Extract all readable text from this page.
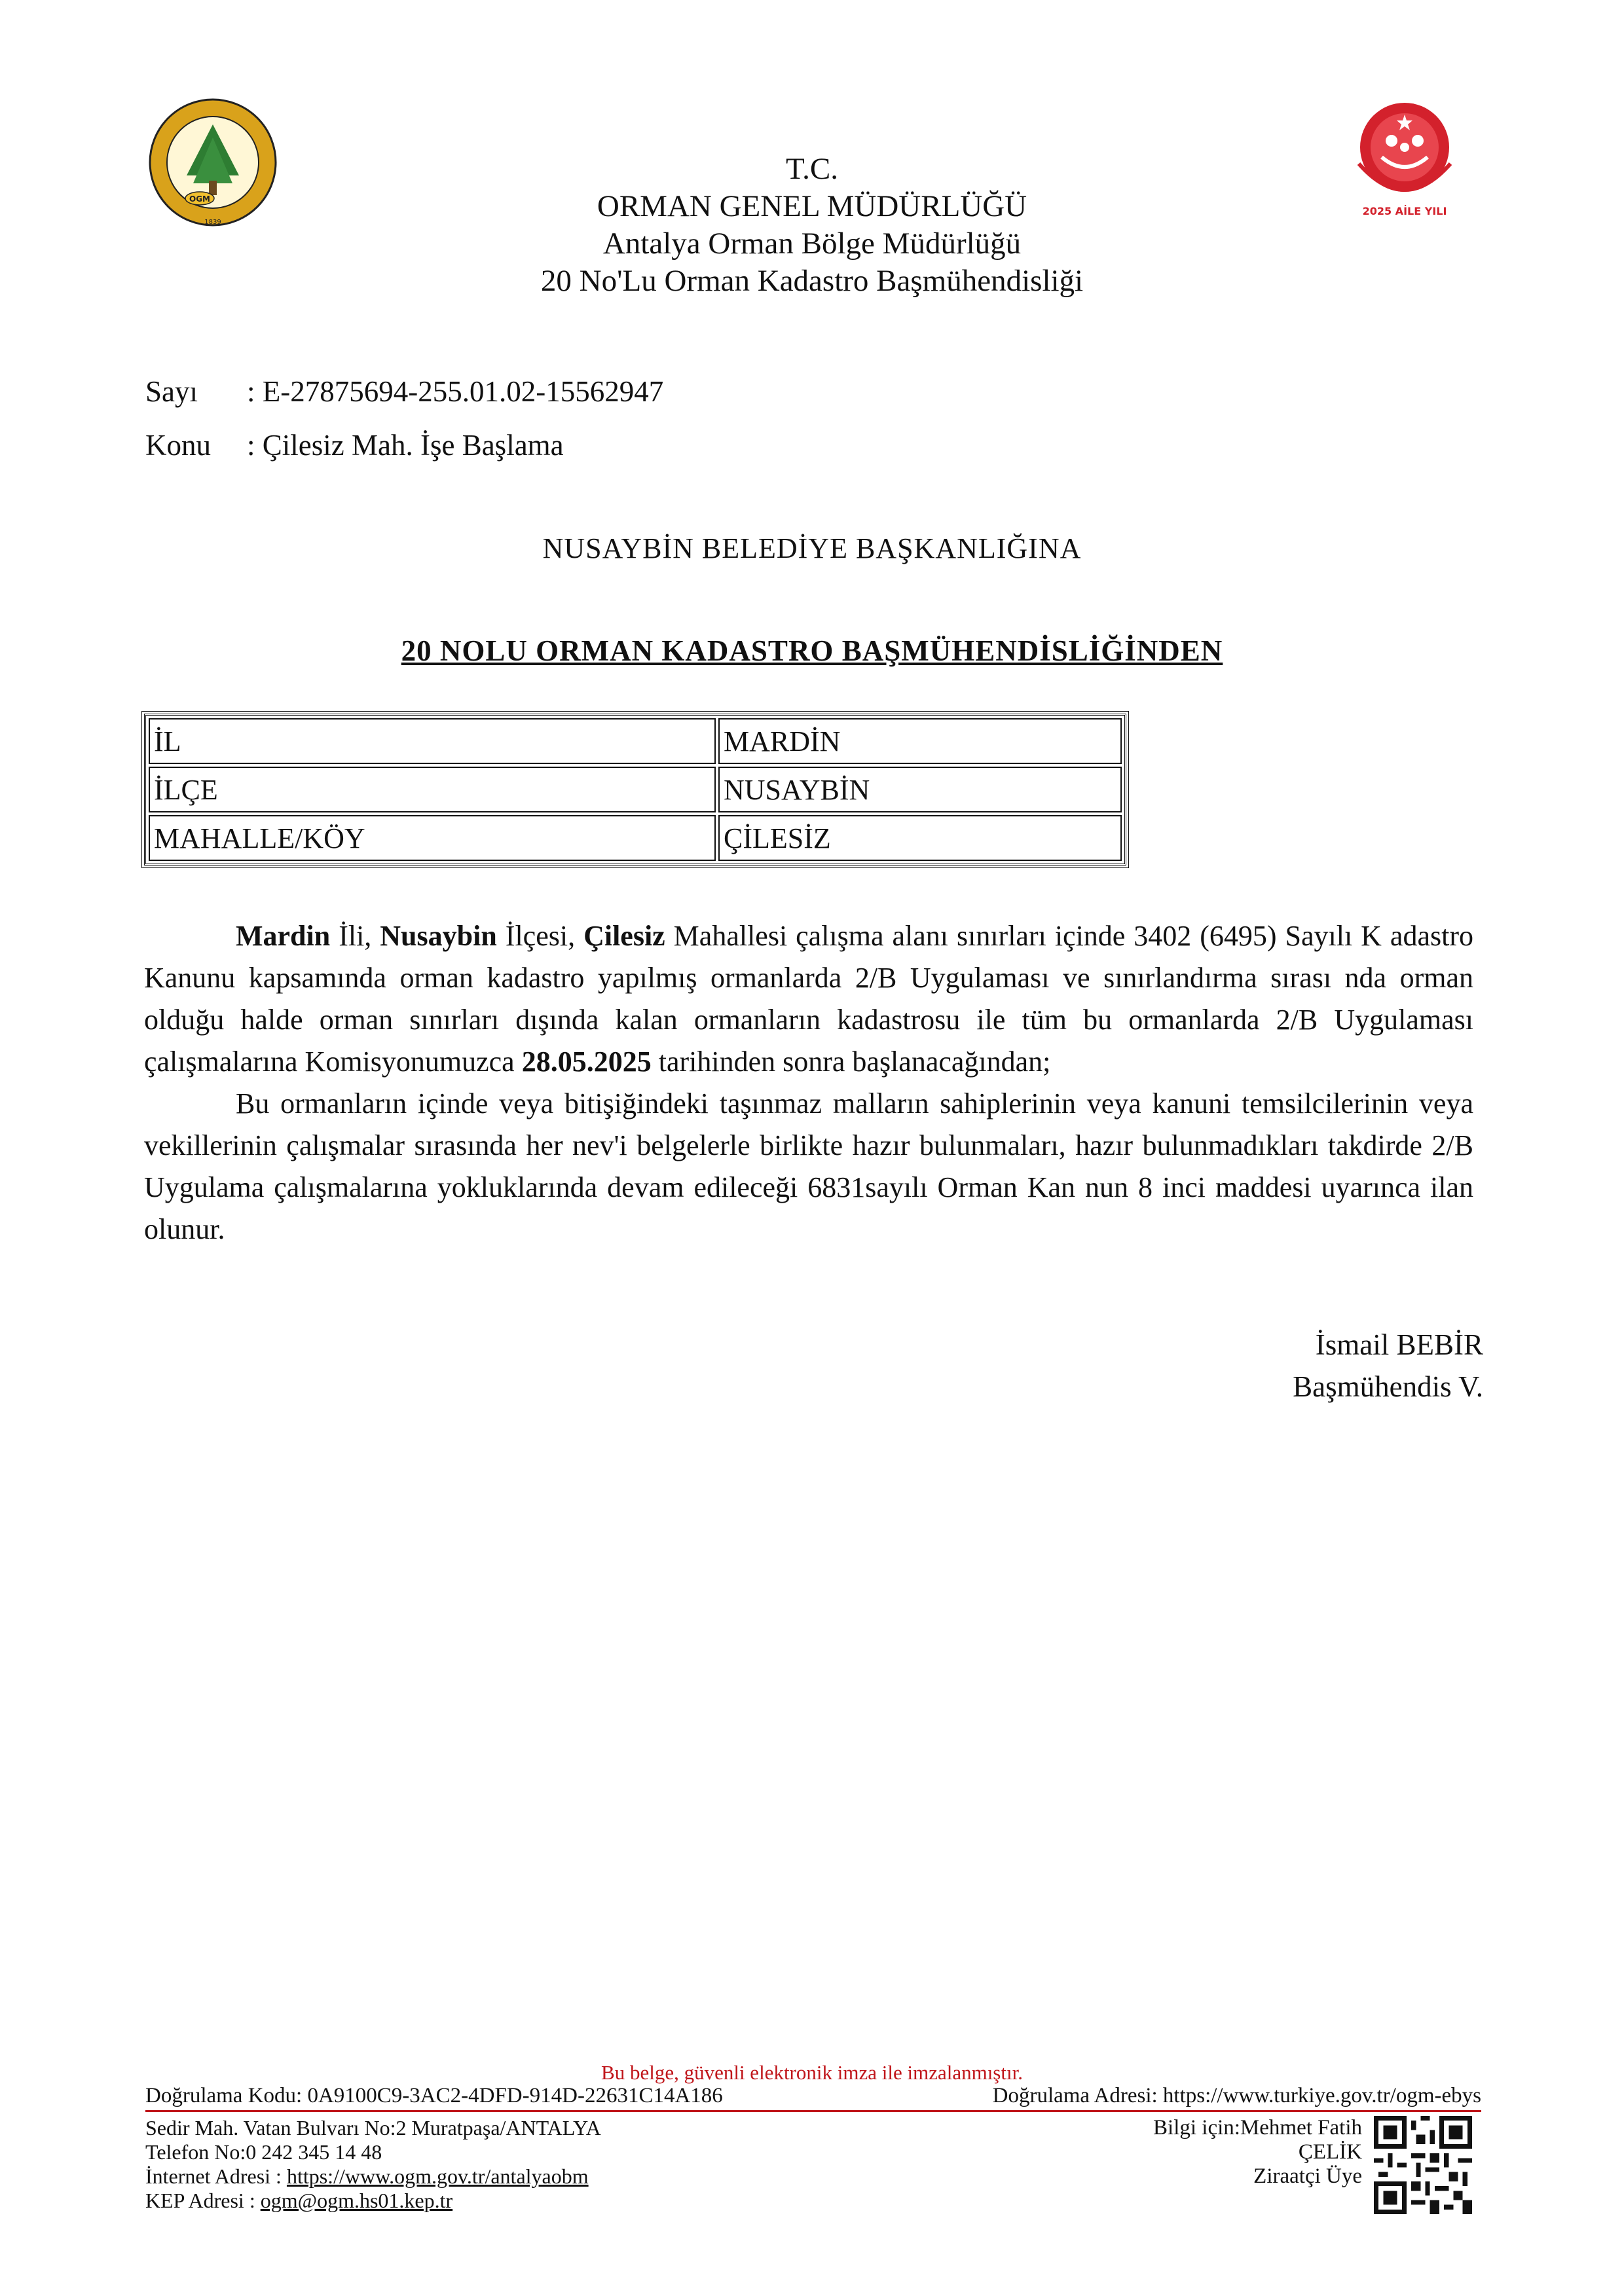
OGM
1839
2025 AİLE YILI
T.C.
ORMAN GENEL MÜDÜRLÜĞÜ
Antalya Orman Bölge Müdürlüğü
20 No'Lu Orman Kadastro Başmühendisliği
Sayı : E-27875694-255.01.02-15562947
Konu : Çilesiz Mah. İşe Başlama
NUSAYBİN BELEDİYE BAŞKANLIĞINA
20 NOLU ORMAN KADASTRO BAŞMÜHENDİSLİĞİNDEN
İL	MARDİN
İLÇE	NUSAYBİN
MAHALLE/KÖY	ÇİLESİZ

Mardin İli, Nusaybin İlçesi, Çilesiz Mahallesi çalışma alanı sınırları içinde 3402 (6495) Sayılı K adastro Kanunu kapsamında orman kadastro yapılmış ormanlarda 2/B Uygulaması ve sınırlandırma sırası nda orman olduğu halde orman sınırları dışında kalan ormanların kadastrosu ile tüm bu ormanlarda 2/B Uygulaması çalışmalarına Komisyonumuzca 28.05.2025 tarihinden sonra başlanacağından;

Bu ormanların içinde veya bitişiğindeki taşınmaz malların sahiplerinin veya kanuni temsilcilerinin veya vekillerinin çalışmalar sırasında her nev'i belgelerle birlikte hazır bulunmaları, hazır bulunmadıkları takdirde 2/B Uygulama çalışmalarına yokluklarında devam edileceği 6831sayılı Orman Kan nun 8 inci maddesi uyarınca ilan olunur.

İsmail BEBİR
Başmühendis V.
Bu belge, güvenli elektronik imza ile imzalanmıştır.
Doğrulama Kodu: 0A9100C9-3AC2-4DFD-914D-22631C14A186	Doğrulama Adresi: https://www.turkiye.gov.tr/ogm-ebys
Sedir Mah. Vatan Bulvarı No:2 Muratpaşa/ANTALYA
Telefon No:0 242 345 14 48
İnternet Adresi : https://www.ogm.gov.tr/antalyaobm
KEP Adresi : ogm@ogm.hs01.kep.tr
Bilgi için:Mehmet Fatih
ÇELİK
Ziraatçi Üye
